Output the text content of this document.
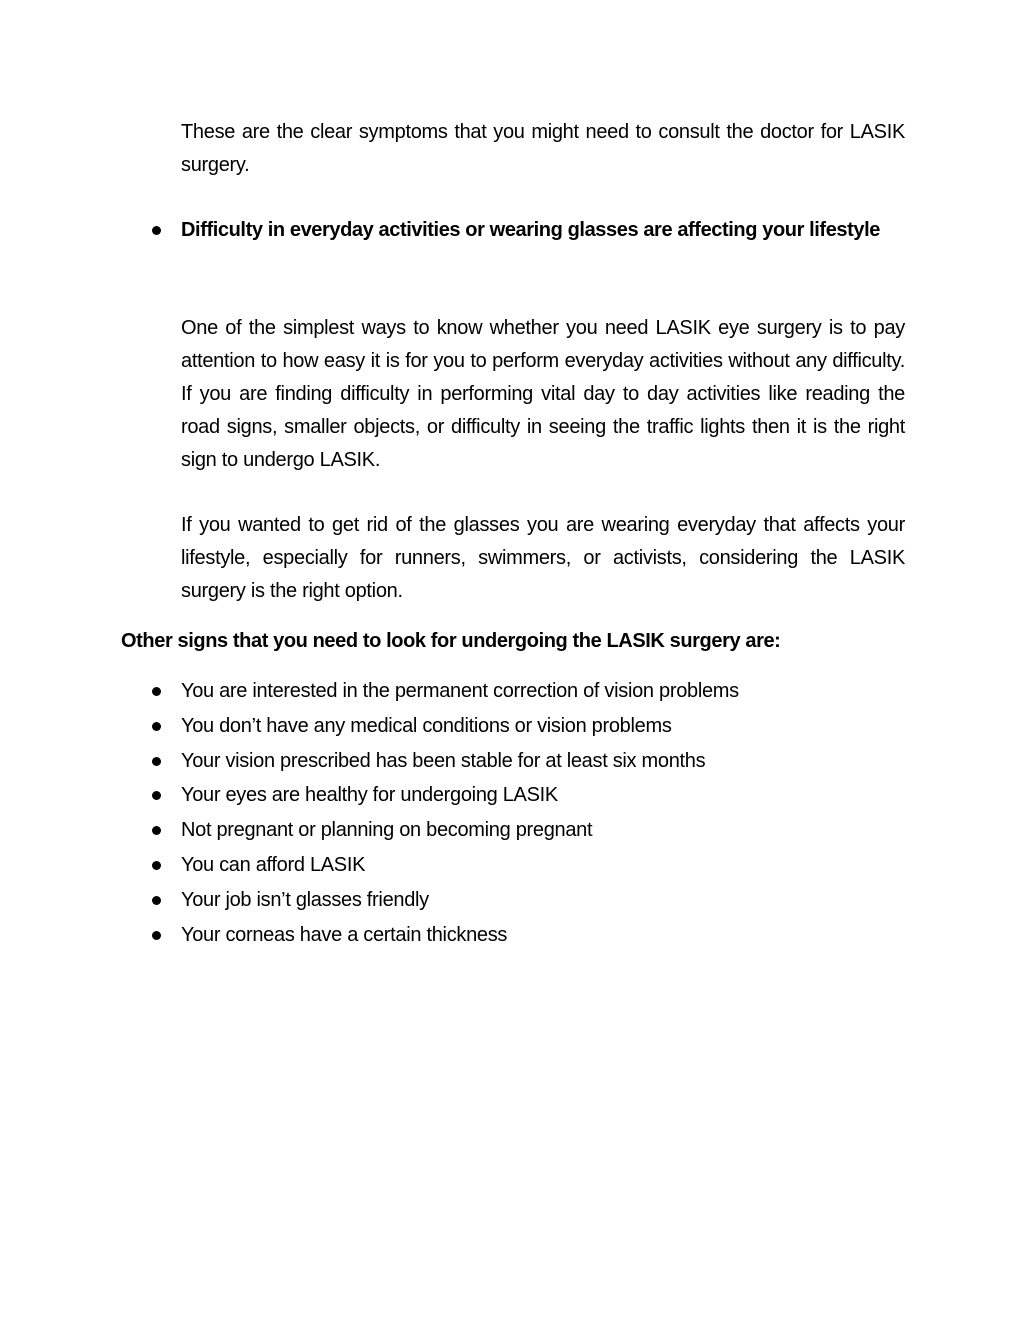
These are the clear symptoms that you might need to consult the doctor for LASIK surgery.

Difficulty in everyday activities or wearing glasses are affecting your lifestyle

One of the simplest ways to know whether you need LASIK eye surgery is to pay attention to how easy it is for you to perform everyday activities without any difficulty. If you are finding difficulty in performing vital day to day activities like reading the road signs, smaller objects, or difficulty in seeing the traffic lights then it is the right sign to undergo LASIK.

If you wanted to get rid of the glasses you are wearing everyday that affects your lifestyle, especially for runners, swimmers, or activists, considering the LASIK surgery is the right option.

Other signs that you need to look for undergoing the LASIK surgery are:

You are interested in the permanent correction of vision problems
You don’t have any medical conditions or vision problems
Your vision prescribed has been stable for at least six months
Your eyes are healthy for undergoing LASIK
Not pregnant or planning on becoming pregnant
You can afford LASIK
Your job isn’t glasses friendly
Your corneas have a certain thickness
